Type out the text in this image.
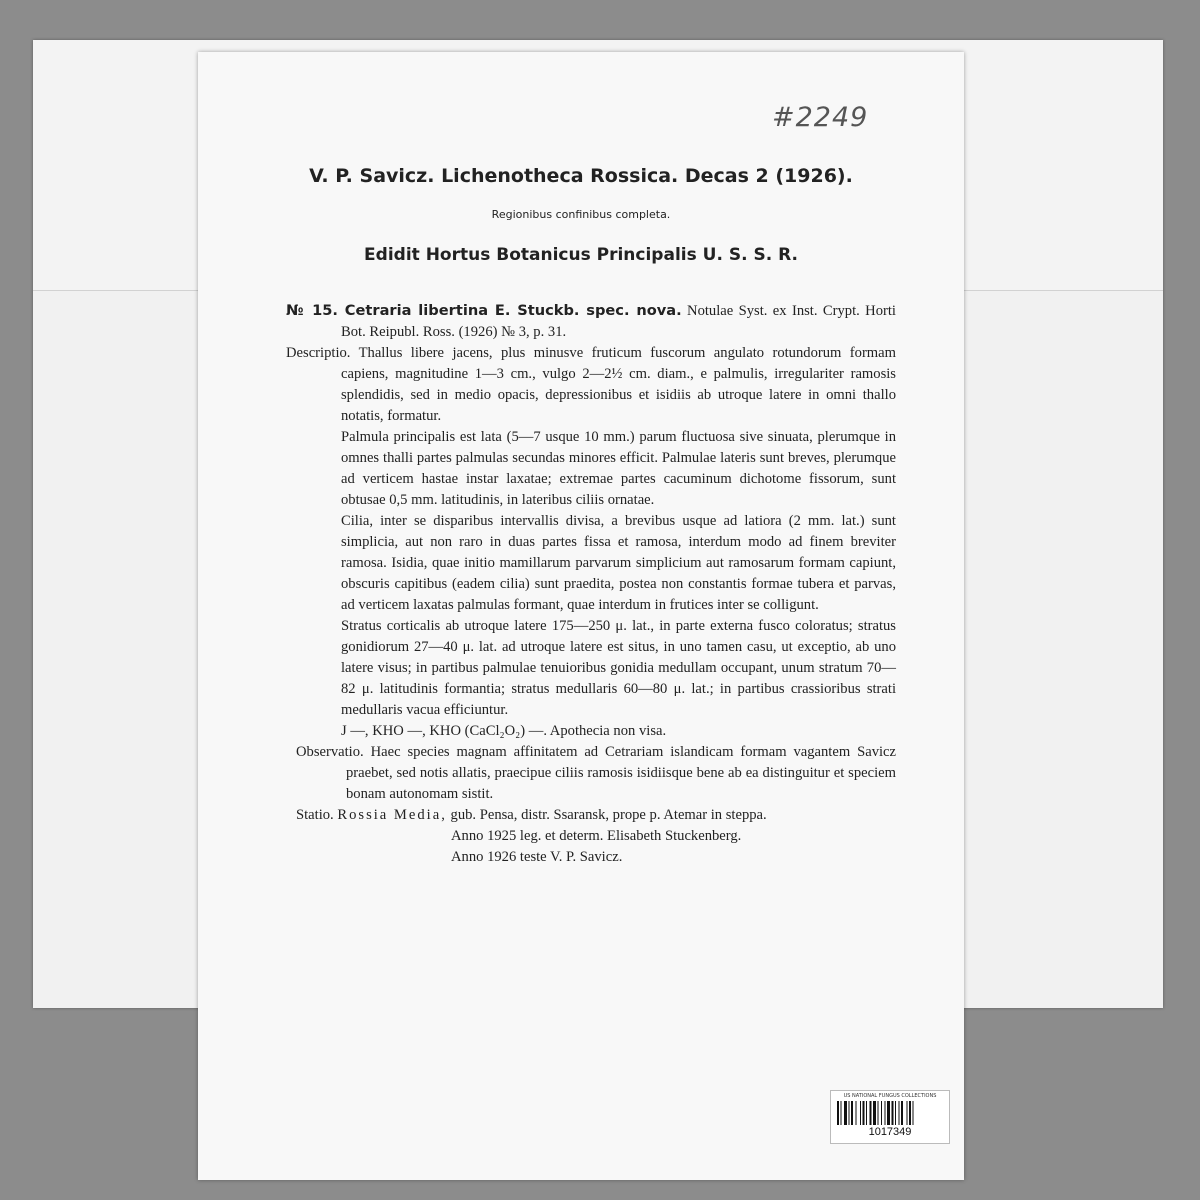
#2249
V. P. Savicz. Lichenotheca Rossica. Decas 2 (1926).
Regionibus confinibus completa.
Edidit Hortus Botanicus Principalis U. S. S. R.

№ 15. Cetraria libertina E. Stuckb. spec. nova. Notulae Syst. ex Inst. Crypt. Horti Bot. Reipubl. Ross. (1926) № 3, p. 31.

Descriptio. Thallus libere jacens, plus minusve fruticum fuscorum angulato rotundorum formam capiens, magnitudine 1—3 cm., vulgo 2—2½ cm. diam., e palmulis, irregulariter ramosis splendidis, sed in medio opacis, depressionibus et isidiis ab utroque latere in omni thallo notatis, formatur.

Palmula principalis est lata (5—7 usque 10 mm.) parum fluctuosa sive sinuata, plerumque in omnes thalli partes palmulas secundas minores efficit. Palmulae lateris sunt breves, plerumque ad verticem hastae instar laxatae; extremae partes cacuminum dichotome fissorum, sunt obtusae 0,5 mm. latitudinis, in lateribus ciliis ornatae.

Cilia, inter se disparibus intervallis divisa, a brevibus usque ad latiora (2 mm. lat.) sunt simplicia, aut non raro in duas partes fissa et ramosa, interdum modo ad finem breviter ramosa. Isidia, quae initio mamillarum parvarum simplicium aut ramosarum formam capiunt, obscuris capitibus (eadem cilia) sunt praedita, postea non constantis formae tubera et parvas, ad verticem laxatas palmulas formant, quae interdum in frutices inter se colligunt.

Stratus corticalis ab utroque latere 175—250 μ. lat., in parte externa fusco coloratus; stratus gonidiorum 27—40 μ. lat. ad utroque latere est situs, in uno tamen casu, ut exceptio, ab uno latere visus; in partibus palmulae tenuioribus gonidia medullam occupant, unum stratum 70—82 μ. latitudinis formantia; stratus medullaris 60—80 μ. lat.; in partibus crassioribus strati medullaris vacua efficiuntur.

J —, KHO —, KHO (CaCl₂O₂) —. Apothecia non visa.

Observatio. Haec species magnam affinitatem ad Cetrariam islandicam formam vagantem Savicz praebet, sed notis allatis, praecipue ciliis ramosis isidiisque bene ab ea distinguitur et speciem bonam autonomam sistit.

Statio. Rossia Media, gub. Pensa, distr. Ssaransk, prope p. Atemar in steppa.

Anno 1925 leg. et determ. Elisabeth Stuckenberg.

Anno 1926 teste V. P. Savicz.

US NATIONAL FUNGUS COLLECTIONS
1017349
